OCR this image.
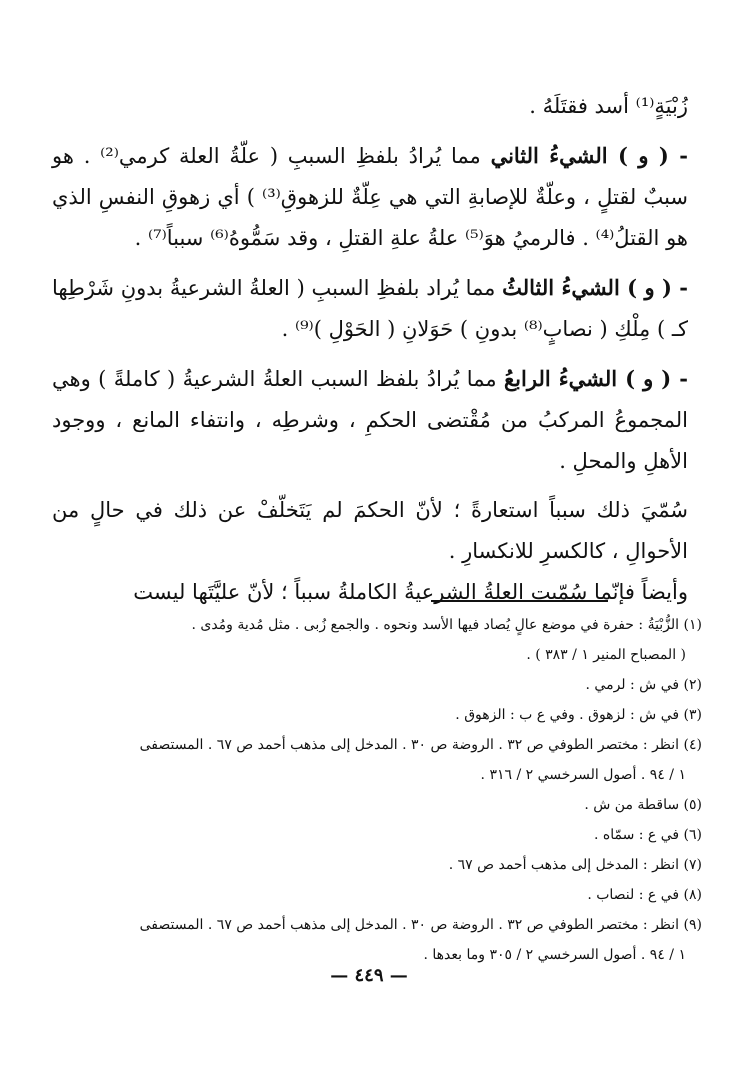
زُبْيَةٍ⁽¹⁾ أسد فقتَلَهُ .

- ( و ) الشيءُ الثاني مما يُرادُ بلفظِ السببِ ( علّةُ العلة كرمي⁽²⁾ . هو سببٌ لقتلٍ ، وعلّةٌ للإصابةِ التي هي عِلّةٌ للزهوقِ⁽³⁾ ) أي زهوقِ النفسِ الذي هو القتلُ⁽⁴⁾ . فالرميُ هوَ⁽⁵⁾ علةُ علةِ القتلِ ، وقد سَمُّوهُ⁽⁶⁾ سبباً⁽⁷⁾ .

- ( و ) الشيءُ الثالثُ مما يُراد بلفظِ السببِ ( العلةُ الشرعيةُ بدونِ شَرْطِها كـ ) مِلْكِ ( نصابٍ⁽⁸⁾ بدونِ ) حَوَلانِ ( الحَوْلِ )⁽⁹⁾ .

- ( و ) الشيءُ الرابعُ مما يُرادُ بلفظ السبب العلةُ الشرعيةُ ( كاملةً ) وهي المجموعُ المركبُ من مُقْتضى الحكمِ ، وشرطِه ، وانتفاء المانع ، ووجود الأهلِ والمحلِ .

سُمّيَ ذلك سبباً استعارةً ؛ لأنّ الحكمَ لم يَتَخلّفْ عن ذلك في حالٍ من الأحوالِ ، كالكسرِ للانكسارِ .

وأيضاً فإنّما سُمّيت العلةُ الشرعيةُ الكاملةُ سبباً ؛ لأنّ عليَّتَها ليست

(١) الزُّبْيَةُ : حفرة في موضع عالٍ يُصاد فيها الأسد ونحوه . والجمع زُبى . مثل مُدية ومُدى .

( المصباح المنير ١ / ٣٨٣ ) .

(٢) في ش : لرمي .

(٣) في ش : لزهوق . وفي ع ب : الزهوق .

(٤) انظر : مختصر الطوفي ص ٣٢ . الروضة ص ٣٠ . المدخل إلى مذهب أحمد ص ٦٧ . المستصفى

١ / ٩٤ . أصول السرخسي ٢ / ٣١٦ .

(٥) ساقطة من ش .

(٦) في ع : سمّاه .

(٧) انظر : المدخل إلى مذهب أحمد ص ٦٧ .

(٨) في ع : لنصاب .

(٩) انظر : مختصر الطوفي ص ٣٢ . الروضة ص ٣٠ . المدخل إلى مذهب أحمد ص ٦٧ . المستصفى

١ / ٩٤ . أصول السرخسي ٢ / ٣٠٥ وما بعدها .

— ٤٤٩ —
